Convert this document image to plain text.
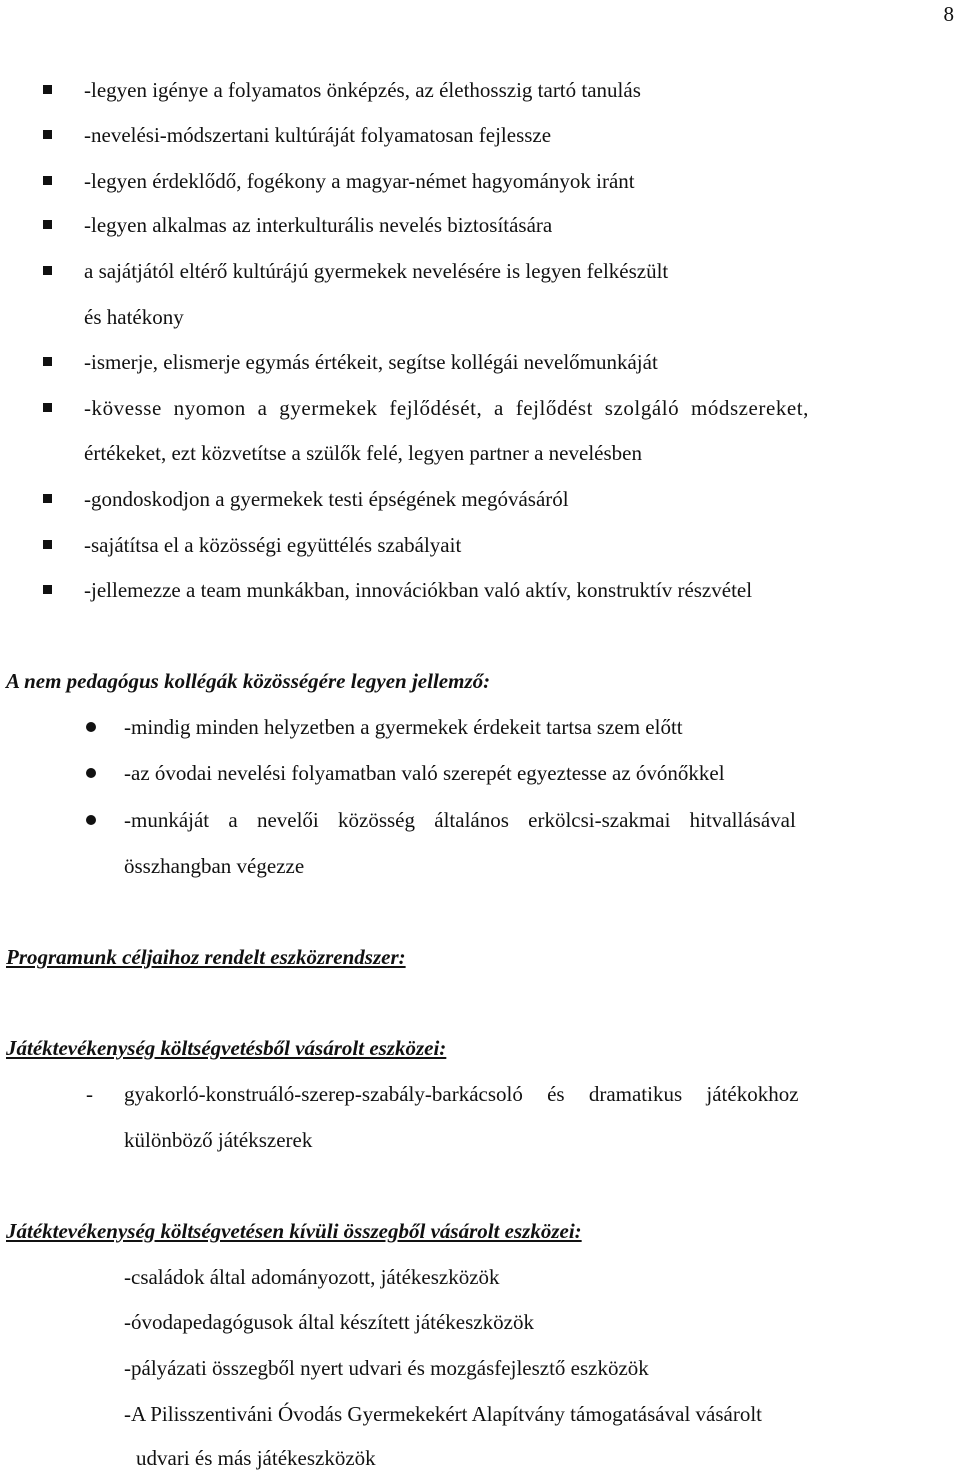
8
-legyen igénye a folyamatos önképzés, az élethosszig tartó tanulás
-nevelési-módszertani kultúráját folyamatosan fejlessze
-legyen érdeklődő, fogékony a magyar-német hagyományok iránt
-legyen alkalmas az interkulturális nevelés biztosítására
a sajátjától eltérő kultúrájú gyermekek nevelésére is legyen felkészült
és hatékony
-ismerje, elismerje egymás értékeit, segítse kollégái nevelőmunkáját
-kövesse nyomon a gyermekek fejlődését, a fejlődést szolgáló módszereket,
értékeket, ezt közvetítse a szülők felé, legyen partner a nevelésben
-gondoskodjon a gyermekek testi épségének megóvásáról
-sajátítsa el a közösségi együttélés szabályait
-jellemezze a team munkákban, innovációkban való aktív, konstruktív részvétel
A nem pedagógus kollégák közösségére legyen jellemző:
-mindig minden helyzetben a gyermekek érdekeit tartsa szem előtt
-az óvodai nevelési folyamatban való szerepét egyeztesse az óvónőkkel
-munkáját a nevelői közösség általános erkölcsi-szakmai hitvallásával
összhangban végezze
Programunk céljaihoz rendelt eszközrendszer:
Játéktevékenység költségvetésből vásárolt eszközei:
- gyakorló-konstruáló-szerep-szabály-barkácsoló és dramatikus játékokhoz
különböző játékszerek
Játéktevékenység költségvetésen kívüli összegből vásárolt eszközei:
-családok által adományozott, játékeszközök
-óvodapedagógusok által készített játékeszközök
-pályázati összegből nyert udvari és mozgásfejlesztő eszközök
-A Pilisszentiváni Óvodás Gyermekekért Alapítvány támogatásával vásárolt
udvari és más játékeszközök
